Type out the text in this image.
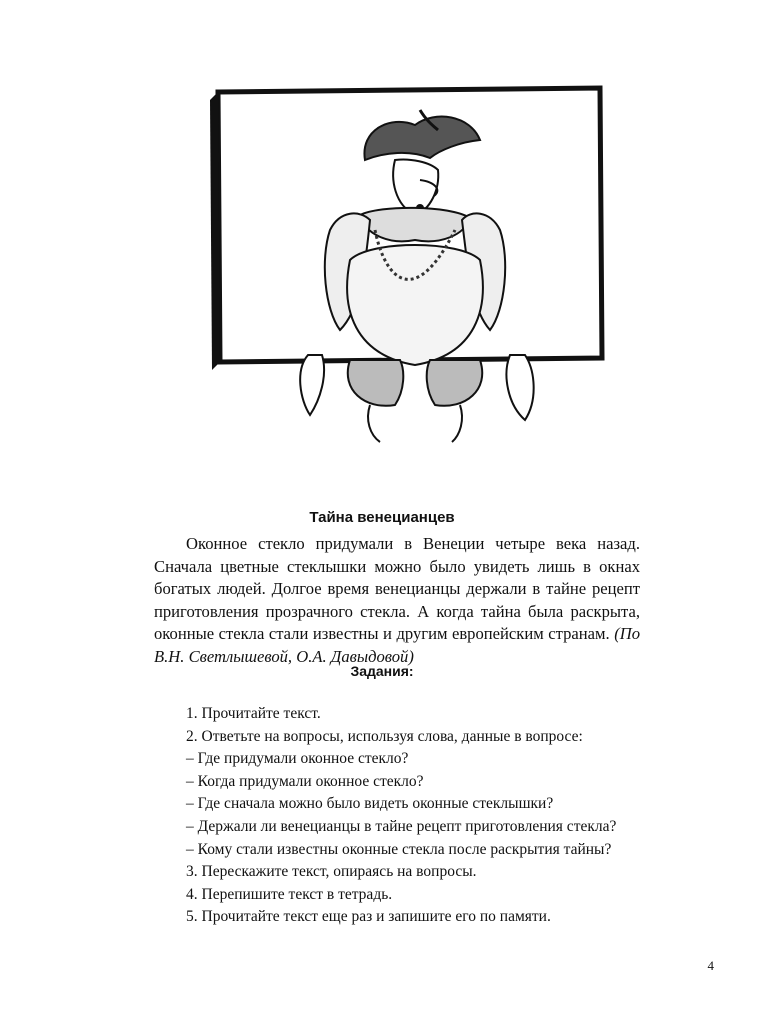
Тайна венецианцев

Оконное стекло придумали в Венеции четыре века назад. Сначала цветные стеклышки можно было увидеть лишь в окнах богатых людей. Долгое время венецианцы держали в тайне рецепт приготовления прозрачного стекла. А когда тайна была раскрыта, оконные стекла стали известны и другим европейским странам. (По В.Н. Светлышевой, О.А. Давыдовой)

Задания:
1. Прочитайте текст.
2. Ответьте на вопросы, используя слова, данные в вопросе:
– Где придумали оконное стекло?
– Когда придумали оконное стекло?
– Где сначала можно было видеть оконные стеклышки?
– Держали ли венецианцы в тайне рецепт приготовления стекла?
– Кому стали известны оконные стекла после раскрытия тайны?
3. Перескажите текст, опираясь на вопросы.
4. Перепишите текст в тетрадь.
5. Прочитайте текст еще раз и запишите его по памяти.
4
